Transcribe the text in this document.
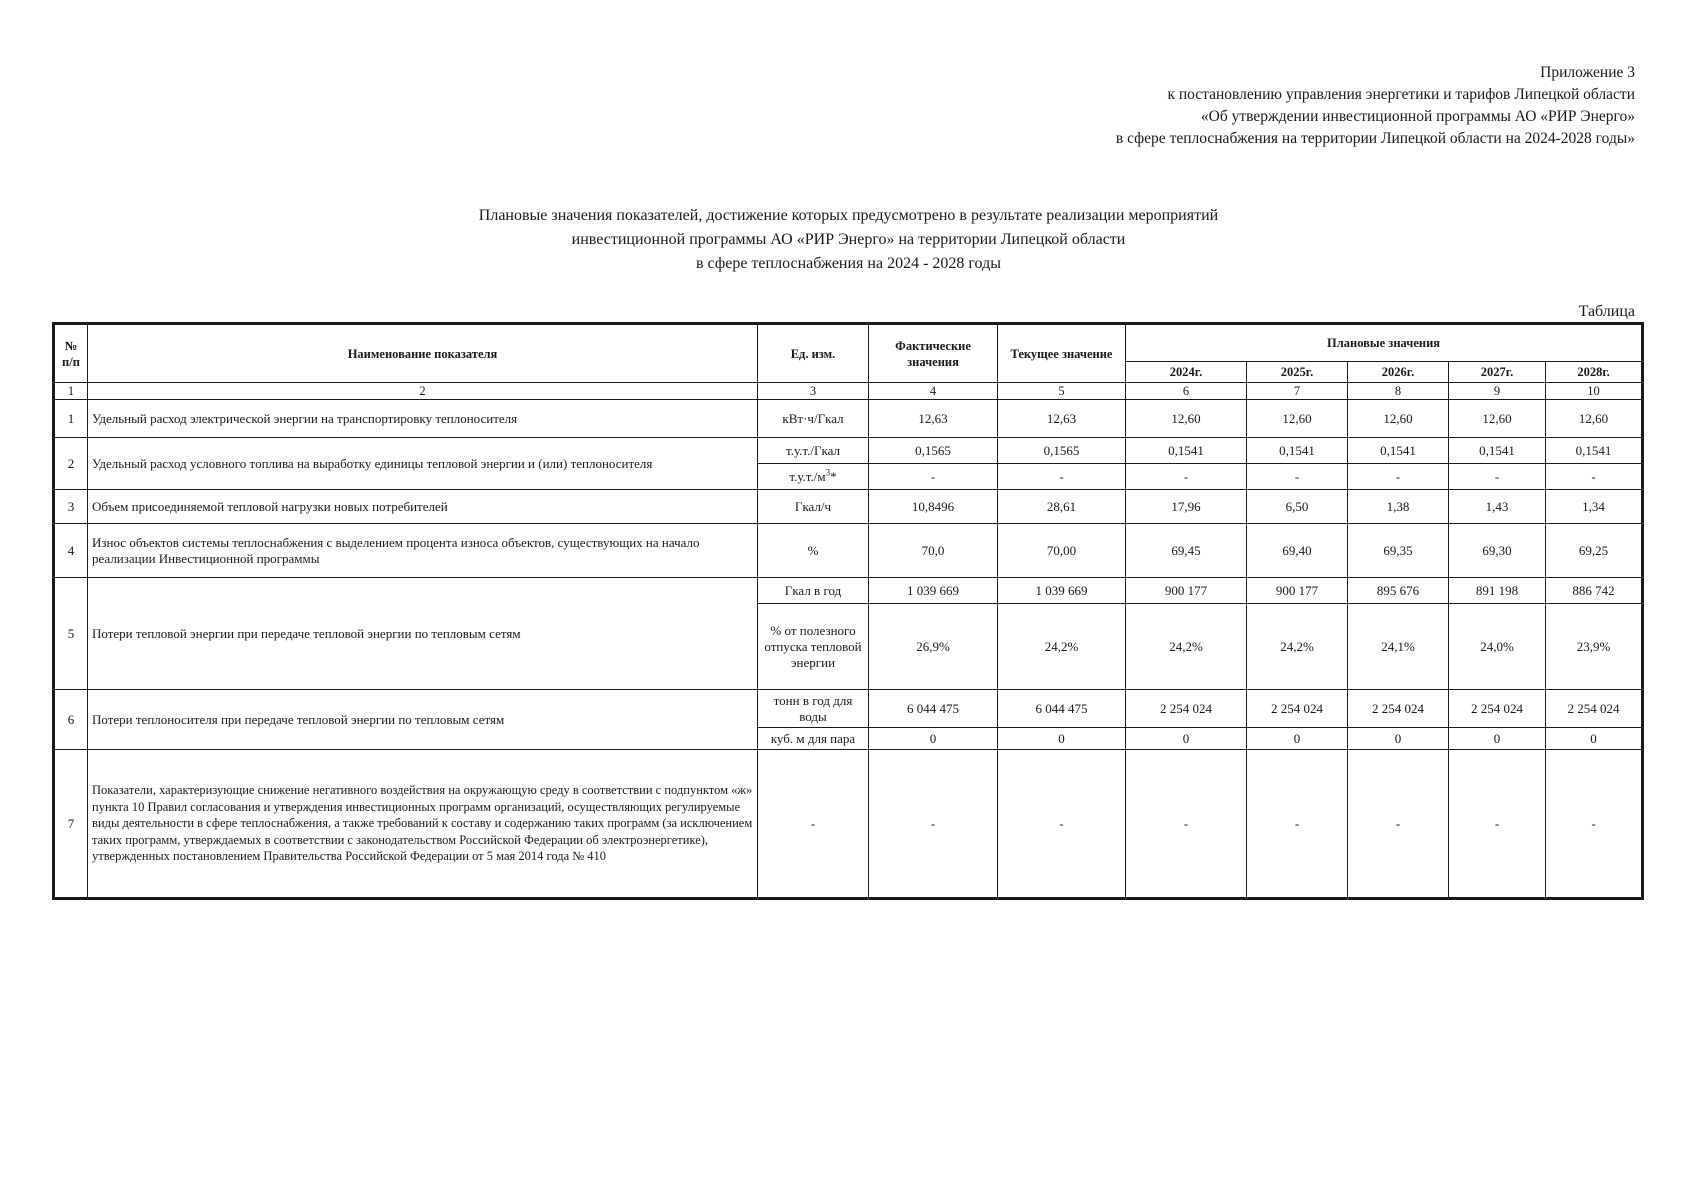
Приложение 3
к постановлению управления энергетики и тарифов Липецкой области
«Об утверждении инвестиционной программы АО «РИР Энерго»
в сфере теплоснабжения на территории Липецкой области на 2024-2028 годы»
Плановые значения показателей, достижение которых предусмотрено в результате реализации мероприятий
инвестиционной программы АО «РИР Энерго» на территории Липецкой области
в сфере теплоснабжения на 2024 - 2028 годы
Таблица
№ п/п	Наименование показателя	Ед. изм.	Фактические значения	Текущее значение	Плановые значения				
					2024г.	2025г.	2026г.	2027г.	2028г.
1	2	3	4	5	6	7	8	9	10
1	Удельный расход электрической энергии на транспортировку теплоносителя	кВт·ч/Гкал	12,63	12,63	12,60	12,60	12,60	12,60	12,60
2	Удельный расход условного топлива на выработку единицы тепловой энергии и (или) теплоносителя	т.у.т./Гкал	0,1565	0,1565	0,1541	0,1541	0,1541	0,1541	0,1541
		$т.у.т./м^3*$	-	-	-	-	-	-	-
3	Объем присоединяемой тепловой нагрузки новых потребителей	Гкал/ч	10,8496	28,61	17,96	6,50	1,38	1,43	1,34
4	Износ объектов системы теплоснабжения с выделением процента износа объектов, существующих на начало реализации Инвестиционной программы	%	70,0	70,00	69,45	69,40	69,35	69,30	69,25
5	Потери тепловой энергии при передаче тепловой энергии по тепловым сетям	Гкал в год	1 039 669	1 039 669	900 177	900 177	895 676	891 198	886 742
		% от полезного отпуска тепловой энергии	26,9%	24,2%	24,2%	24,2%	24,1%	24,0%	23,9%
6	Потери теплоносителя при передаче тепловой энергии по тепловым сетям	тонн в год для воды	6 044 475	6 044 475	2 254 024	2 254 024	2 254 024	2 254 024	2 254 024
		куб. м для пара	0	0	0	0	0	0	0
7	Показатели, характеризующие снижение негативного воздействия на окружающую среду в соответствии с подпунктом «ж» пункта 10 Правил согласования и утверждения инвестиционных программ организаций, осуществляющих регулируемые виды деятельности в сфере теплоснабжения, а также требований к составу и содержанию таких программ (за исключением таких программ, утверждаемых в соответствии с законодательством Российской Федерации об электроэнергетике), утвержденных постановлением Правительства Российской Федерации от 5 мая 2014 года № 410	-	-	-	-	-	-	-	-
